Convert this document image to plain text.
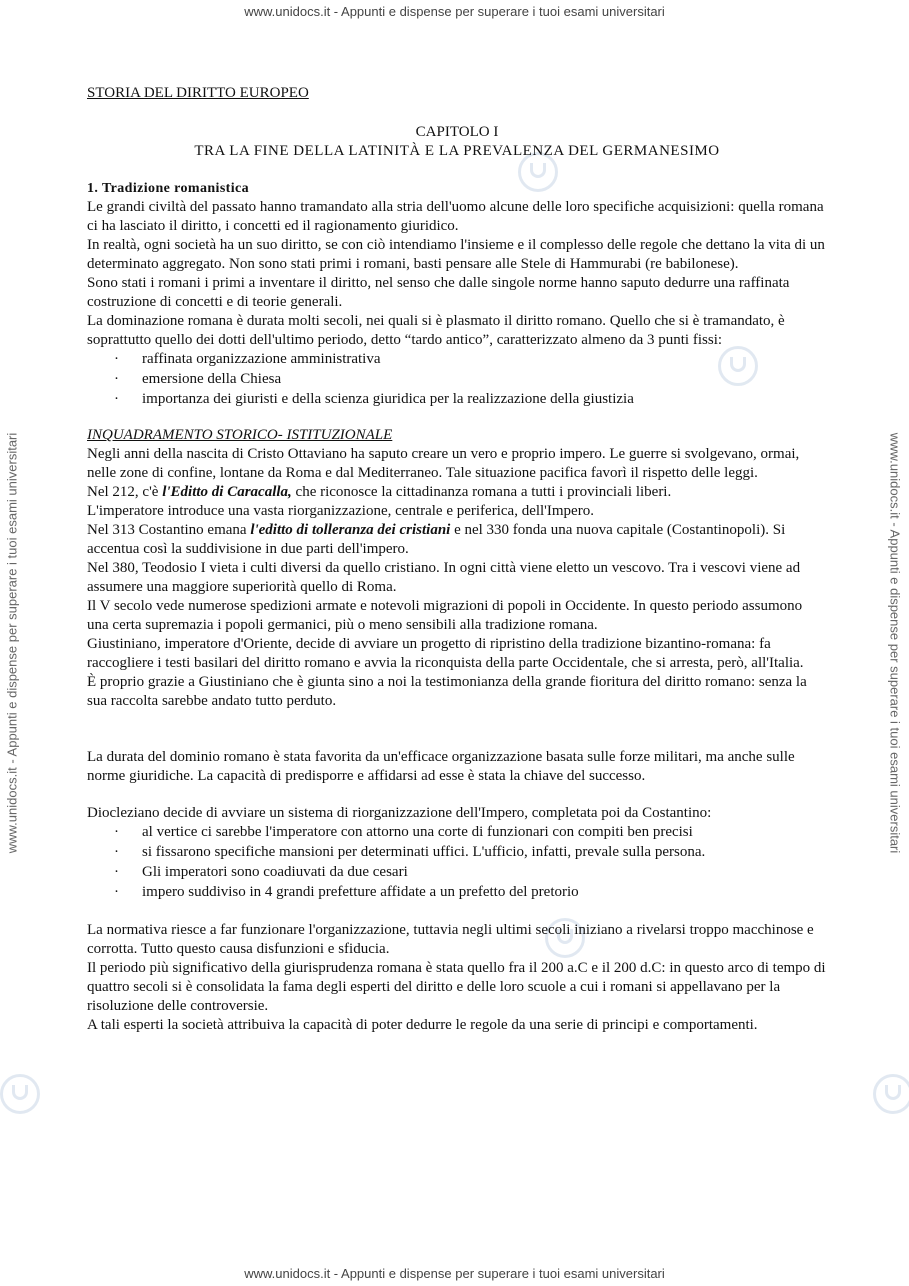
www.unidocs.it - Appunti e dispense per superare i tuoi esami universitari
www.unidocs.it - Appunti e dispense per superare i tuoi esami universitari	www.unidocs.it - Appunti e dispense per superare i tuoi esami universitari
STORIA DEL DIRITTO EUROPEO

CAPITOLO I

TRA LA FINE DELLA LATINITÀ E LA PREVALENZA DEL GERMANESIMO

1. Tradizione romanistica

Le grandi civiltà del passato hanno tramandato alla stria dell'uomo alcune delle loro specifiche acquisizioni: quella romana ci ha lasciato il diritto, i concetti ed il ragionamento giuridico.

In realtà, ogni società ha un suo diritto, se con ciò intendiamo l'insieme e il complesso delle regole che dettano la vita di un determinato aggregato. Non sono stati primi i romani, basti pensare alle Stele di Hammurabi (re babilonese).

Sono stati i romani i primi a inventare il diritto, nel senso che dalle singole norme hanno saputo dedurre una raffinata costruzione di concetti e di teorie generali.

La dominazione romana è durata molti secoli, nei quali si è plasmato il diritto romano. Quello che si è tramandato, è soprattutto quello dei dotti dell'ultimo periodo, detto “tardo antico”, caratterizzato almeno da 3 punti fissi:

· raffinata organizzazione amministrativa
· emersione della Chiesa
· importanza dei giuristi e della scienza giuridica per la realizzazione della giustizia

INQUADRAMENTO STORICO- ISTITUZIONALE

Negli anni della nascita di Cristo Ottaviano ha saputo creare un vero e proprio impero. Le guerre si svolgevano, ormai, nelle zone di confine, lontane da Roma e dal Mediterraneo. Tale situazione pacifica favorì il rispetto delle leggi.

Nel 212, c'è l'Editto di Caracalla, che riconosce la cittadinanza romana a tutti i provinciali liberi.

L'imperatore introduce una vasta riorganizzazione, centrale e periferica, dell'Impero.

Nel 313 Costantino emana l'editto di tolleranza dei cristiani e nel 330 fonda una nuova capitale (Costantinopoli). Si accentua così la suddivisione in due parti dell'impero.

Nel 380, Teodosio I vieta i culti diversi da quello cristiano. In ogni città viene eletto un vescovo. Tra i vescovi viene ad assumere una maggiore superiorità quello di Roma.

Il V secolo vede numerose spedizioni armate e notevoli migrazioni di popoli in Occidente. In questo periodo assumono una certa supremazia i popoli germanici, più o meno sensibili alla tradizione romana.

Giustiniano, imperatore d'Oriente, decide di avviare un progetto di ripristino della tradizione bizantino-romana: fa raccogliere i testi basilari del diritto romano e avvia la riconquista della parte Occidentale, che si arresta, però, all'Italia.

È proprio grazie a Giustiniano che è giunta sino a noi la testimonianza della grande fioritura del diritto romano: senza la sua raccolta sarebbe andato tutto perduto.

La durata del dominio romano è stata favorita da un'efficace organizzazione basata sulle forze militari, ma anche sulle norme giuridiche. La capacità di predisporre e affidarsi ad esse è stata la chiave del successo.

Diocleziano decide di avviare un sistema di riorganizzazione dell'Impero, completata poi da Costantino:

· al vertice ci sarebbe l'imperatore con attorno una corte di funzionari con compiti ben precisi
· si fissarono specifiche mansioni per determinati uffici. L'ufficio, infatti, prevale sulla persona.
· Gli imperatori sono coadiuvati da due cesari
· impero suddiviso in 4 grandi prefetture affidate a un prefetto del pretorio

La normativa riesce a far funzionare l'organizzazione, tuttavia negli ultimi secoli iniziano a rivelarsi troppo macchinose e corrotta. Tutto questo causa disfunzioni e sfiducia.

Il periodo più significativo della giurisprudenza romana è stata quello fra il 200 a.C e il 200 d.C: in questo arco di tempo di quattro secoli si è consolidata la fama degli esperti del diritto e delle loro scuole a cui i romani si appellavano per la risoluzione delle controversie.

A tali esperti la società attribuiva la capacità di poter dedurre le regole da una serie di principi e comportamenti.

www.unidocs.it - Appunti e dispense per superare i tuoi esami universitari
